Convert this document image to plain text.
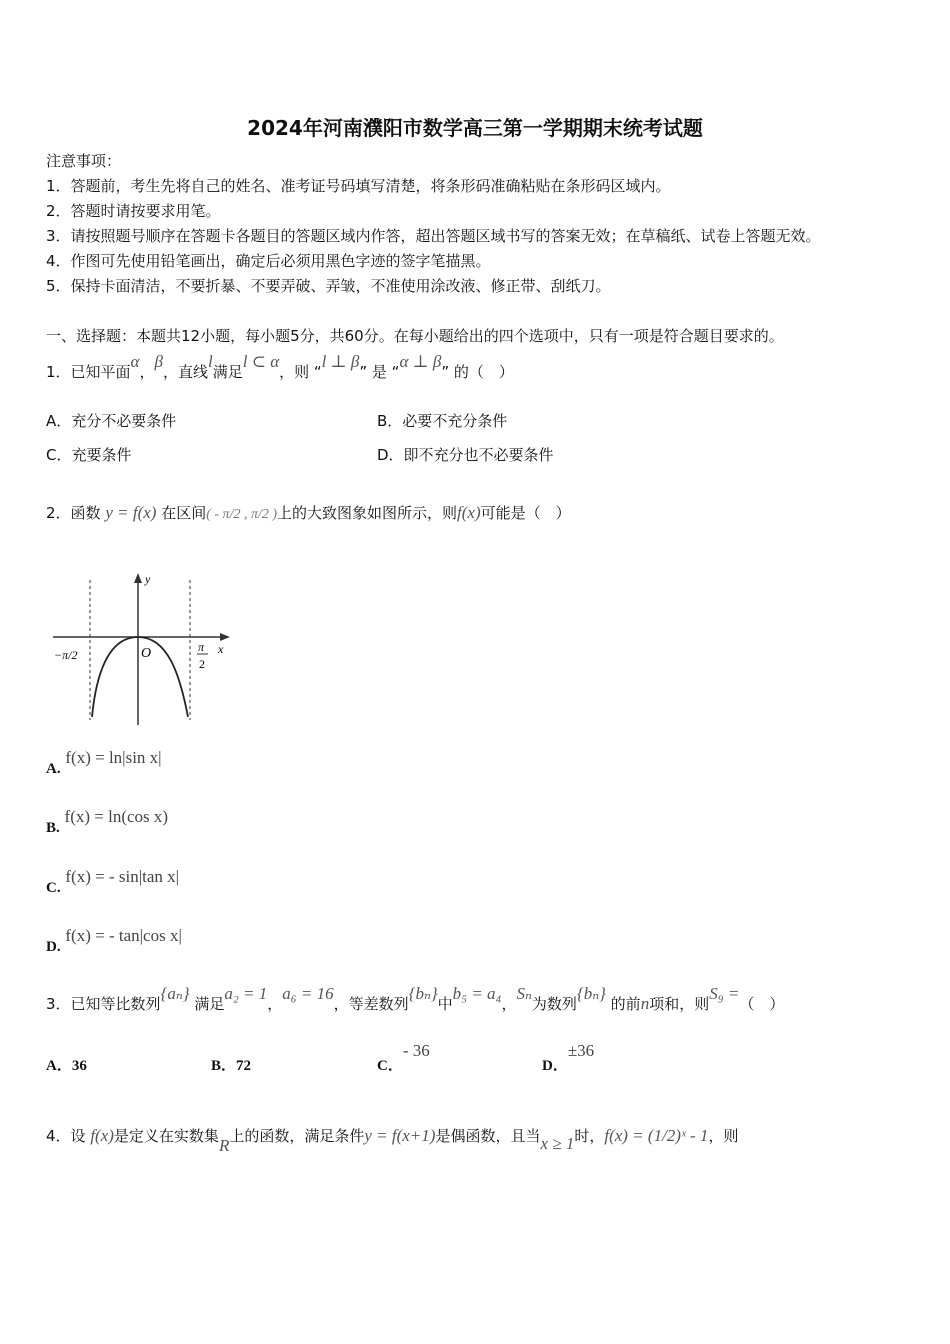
2024年河南濮阳市数学高三第一学期期末统考试题
注意事项：
1．答题前，考生先将自己的姓名、准考证号码填写清楚，将条形码准确粘贴在条形码区域内。
2．答题时请按要求用笔。
3．请按照题号顺序在答题卡各题目的答题区域内作答，超出答题区域书写的答案无效；在草稿纸、试卷上答题无效。
4．作图可先使用铅笔画出，确定后必须用黑色字迹的签字笔描黑。
5．保持卡面清洁，不要折暴、不要弄破、弄皱，不准使用涂改液、修正带、刮纸刀。
一、选择题：本题共12小题，每小题5分，共60分。在每小题给出的四个选项中，只有一项是符合题目要求的。
1．已知平面α，β，直线l满足l ⊂ α，则 “l ⊥ β” 是 “α ⊥ β” 的（　）
A．充分不必要条件	B．必要不充分条件
C．充要条件	D．即不充分也不必要条件
2．函数 y = f(x) 在区间( - π/2 , π/2 )上的大致图象如图所示，则f(x)可能是（　）
y
x
O
−π/2
π
2
A. f(x) = ln|sin x|
B. f(x) = ln(cos x)
C. f(x) = - sin|tan x|
D. f(x) = - tan|cos x|
3．已知等比数列{aₙ} 满足a₂ = 1，a₆ = 16，等差数列{bₙ}中b₅ = a₄，Sₙ为数列{bₙ} 的前n项和，则S₉ =（　）
A．36	B．72	C．- 36
D．±36
4．设 f(x)是定义在实数集R上的函数，满足条件y = f(x+1)是偶函数，且当x ≥ 1时，f(x) = (1/2)ˣ - 1，则
